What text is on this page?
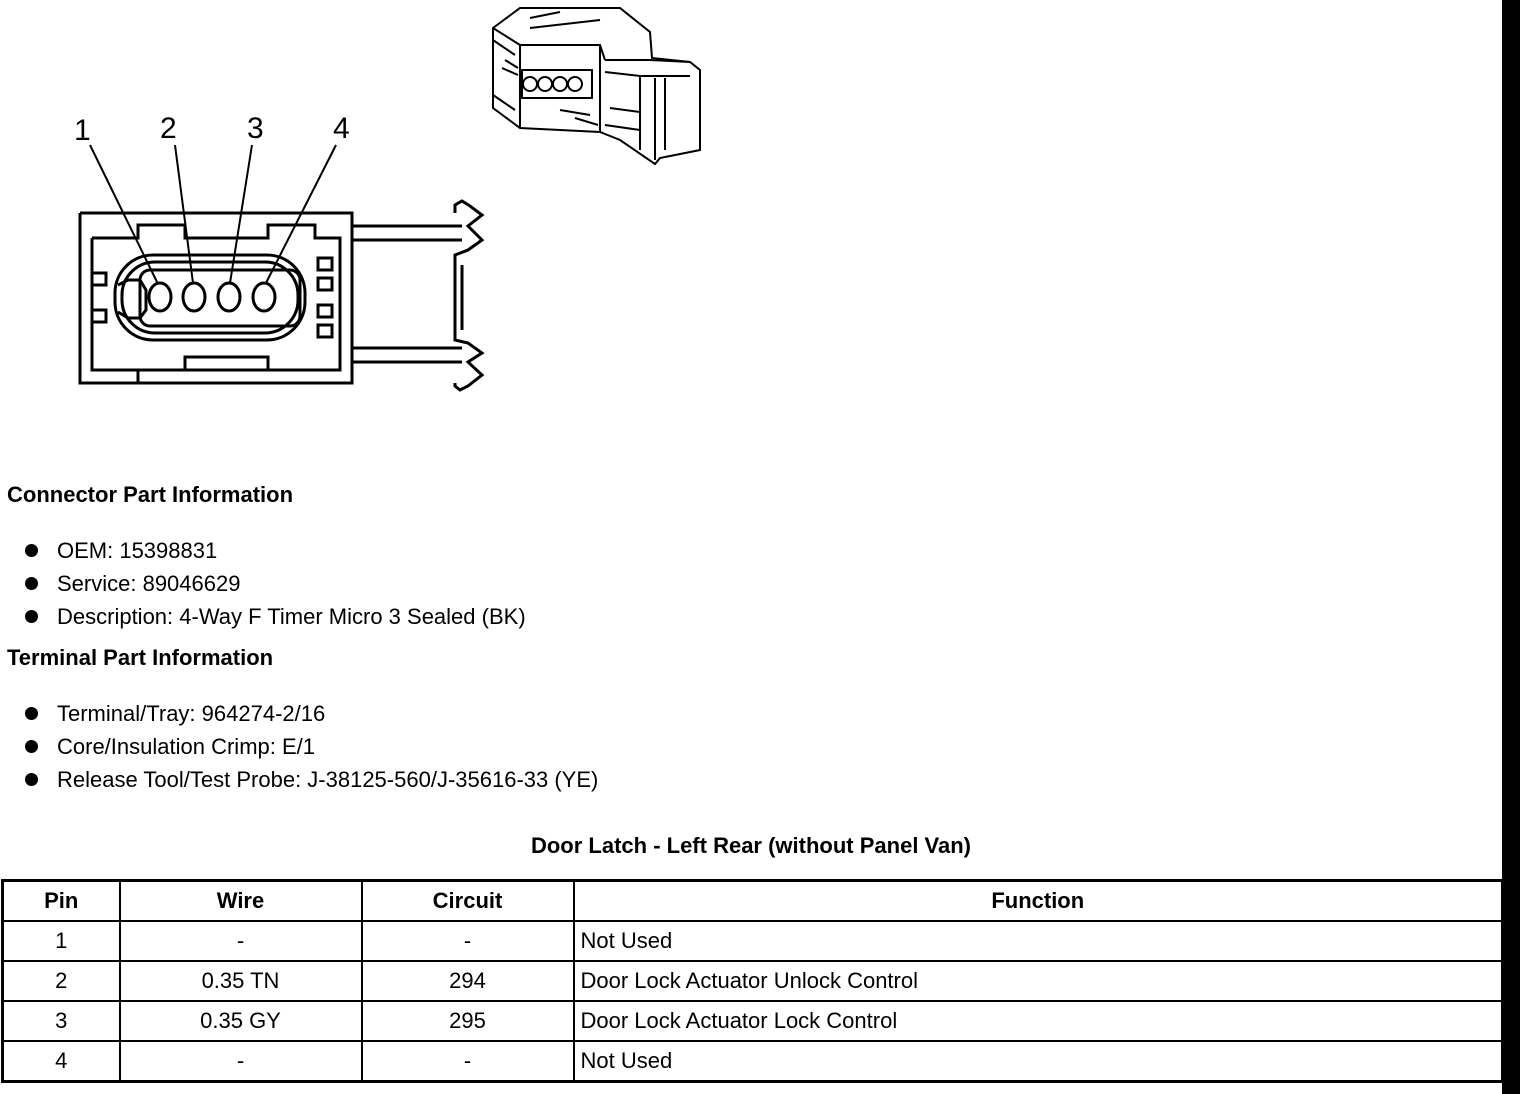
1 2 3 4
Connector Part Information
OEM: 15398831
Service: 89046629
Description: 4-Way F Timer Micro 3 Sealed (BK)
Terminal Part Information
Terminal/Tray: 964274-2/16
Core/Insulation Crimp: E/1
Release Tool/Test Probe: J-38125-560/J-35616-33 (YE)
Door Latch - Left Rear (without Panel Van)
Pin	Wire	Circuit	Function
1	-	-	Not Used
2	0.35 TN	294	Door Lock Actuator Unlock Control
3	0.35 GY	295	Door Lock Actuator Lock Control
4	-	-	Not Used
